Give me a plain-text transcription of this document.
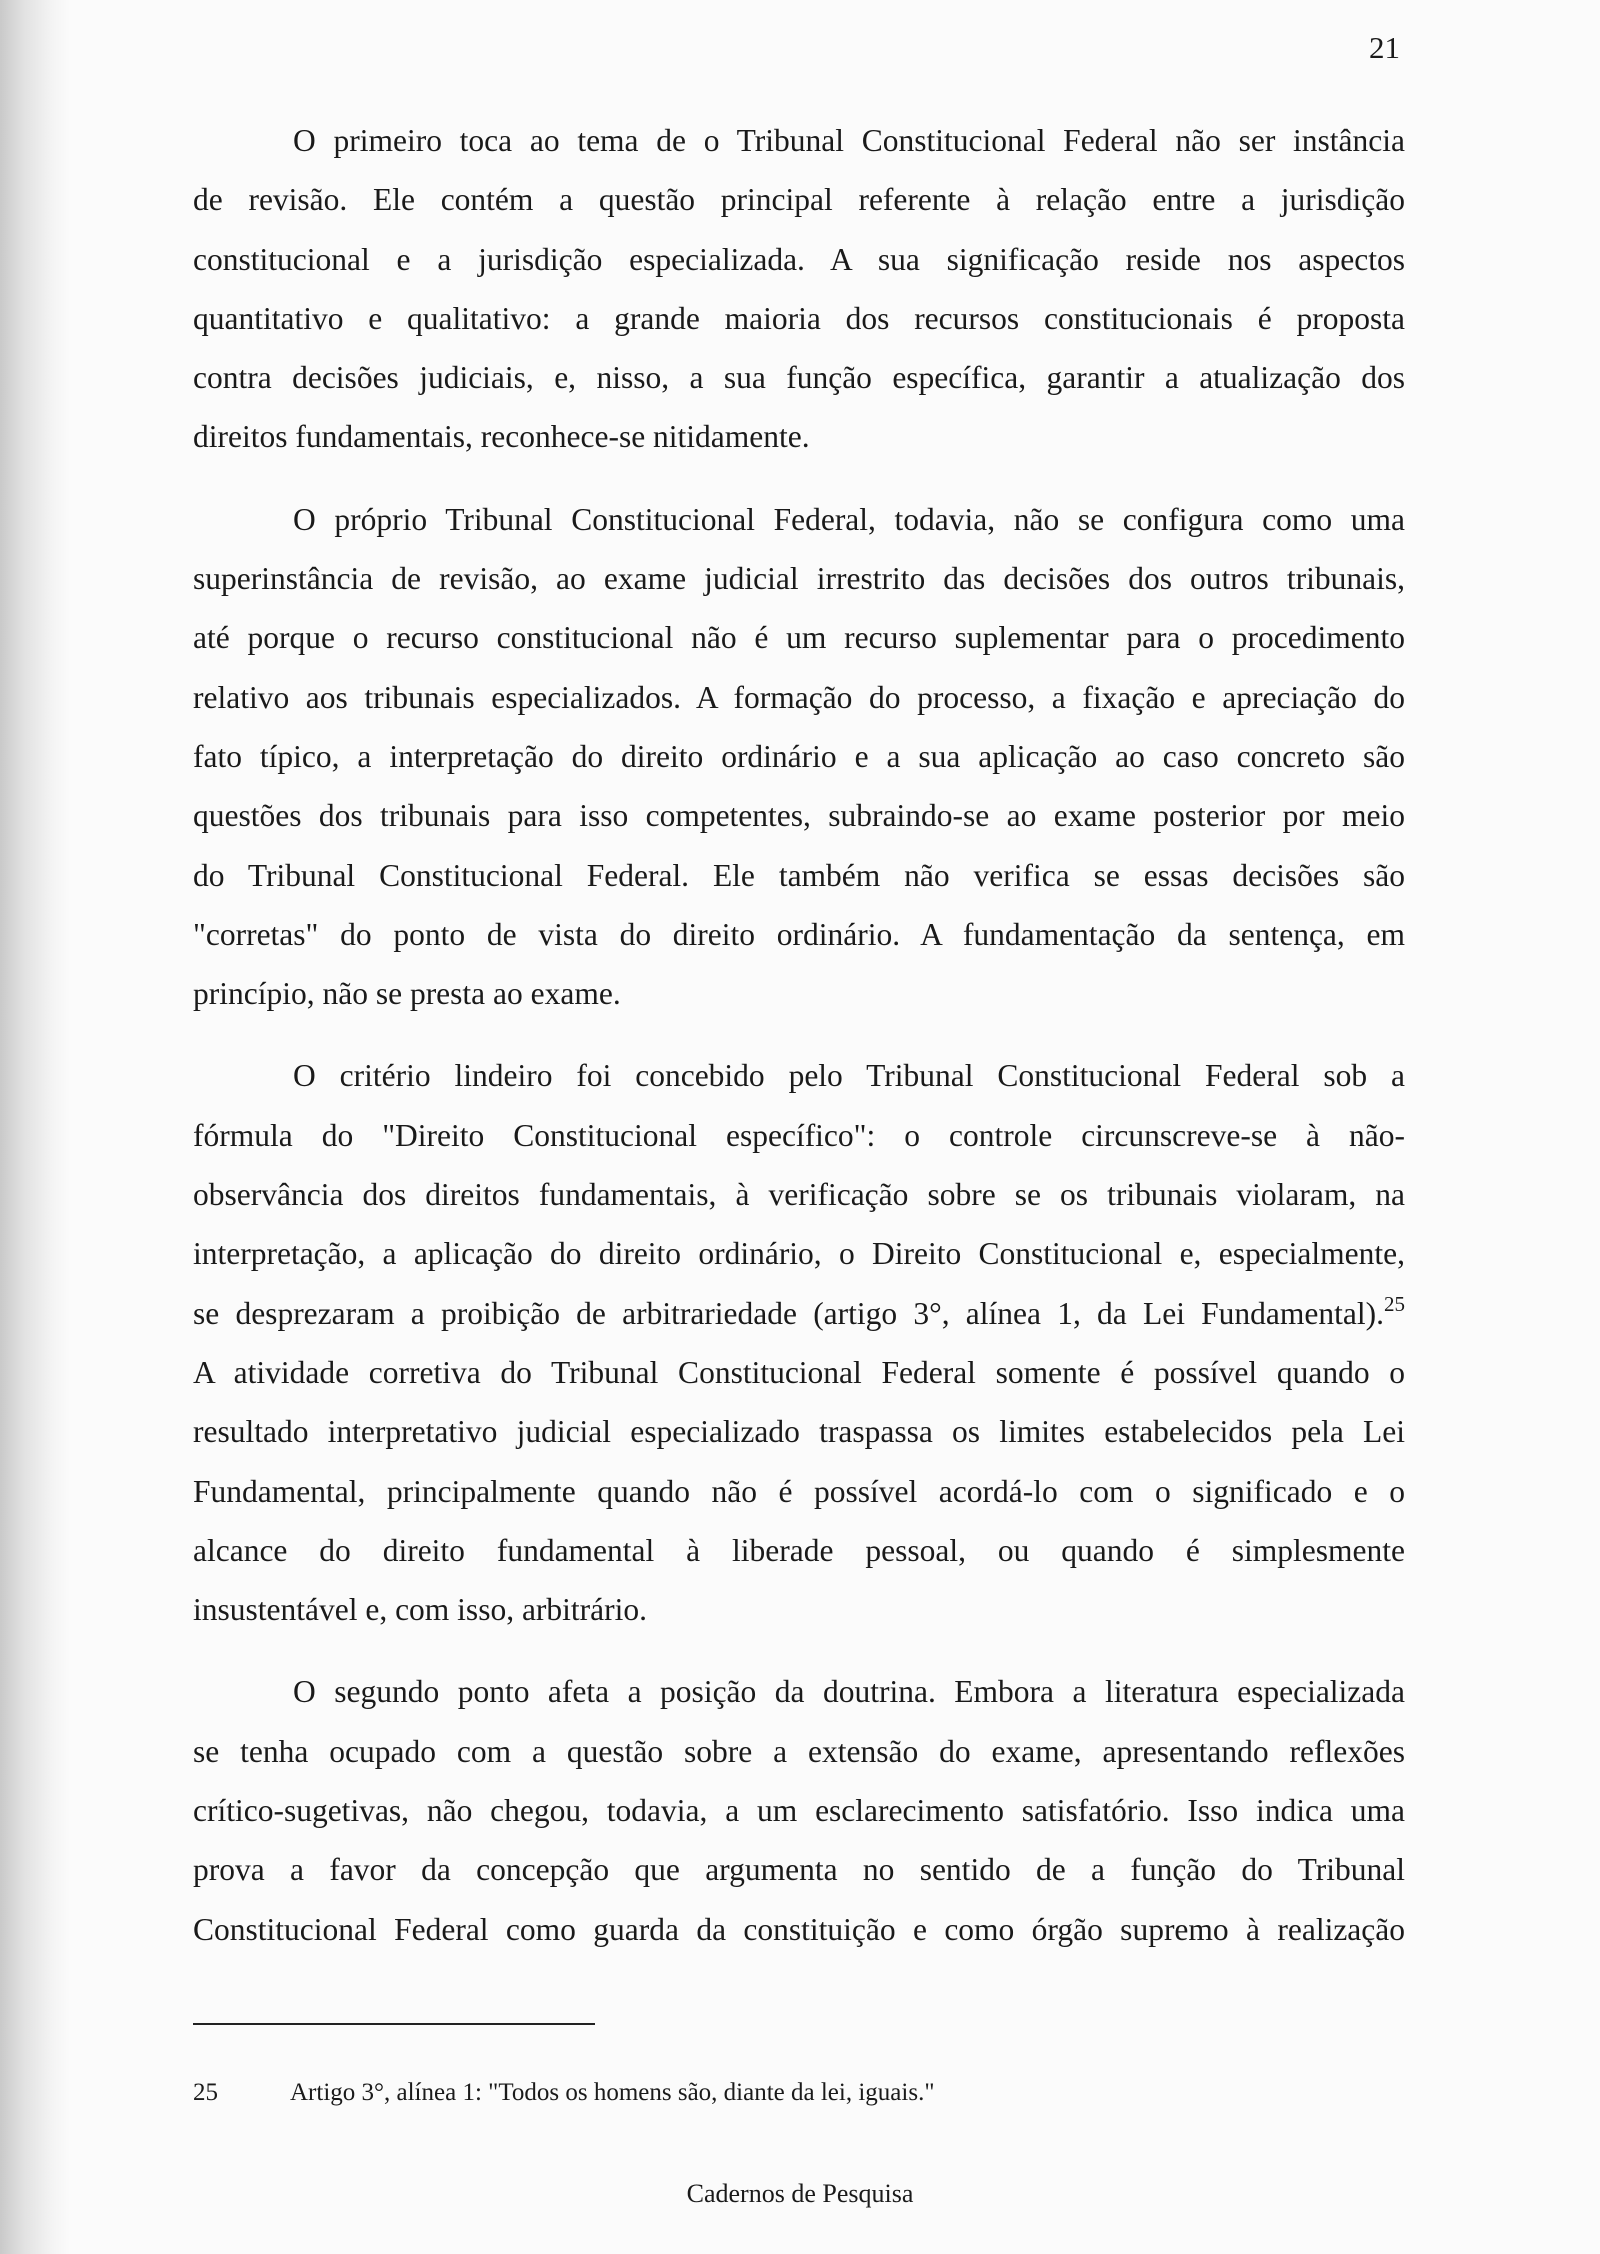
21

O primeiro toca ao tema de o Tribunal Constitucional Federal não ser instância
de revisão. Ele contém a questão principal referente à relação entre a jurisdição
constitucional e a jurisdição especializada. A sua significação reside nos aspectos
quantitativo e qualitativo: a grande maioria dos recursos constitucionais é proposta
contra decisões judiciais, e, nisso, a sua função específica, garantir a atualização dos
direitos fundamentais, reconhece-se nitidamente.

O próprio Tribunal Constitucional Federal, todavia, não se configura como uma
superinstância de revisão, ao exame judicial irrestrito das decisões dos outros tribunais,
até porque o recurso constitucional não é um recurso suplementar para o procedimento
relativo aos tribunais especializados. A formação do processo, a fixação e apreciação do
fato típico, a interpretação do direito ordinário e a sua aplicação ao caso concreto são
questões dos tribunais para isso competentes, subraindo-se ao exame posterior por meio
do Tribunal Constitucional Federal. Ele também não verifica se essas decisões são
"corretas" do ponto de vista do direito ordinário. A fundamentação da sentença, em
princípio, não se presta ao exame.

O critério lindeiro foi concebido pelo Tribunal Constitucional Federal sob a
fórmula do "Direito Constitucional específico": o controle circunscreve-se à não-
observância dos direitos fundamentais, à verificação sobre se os tribunais violaram, na
interpretação, a aplicação do direito ordinário, o Direito Constitucional e, especialmente,
se desprezaram a proibição de arbitrariedade (artigo 3°, alínea 1, da Lei Fundamental).$^{25}$
A atividade corretiva do Tribunal Constitucional Federal somente é possível quando o
resultado interpretativo judicial especializado traspassa os limites estabelecidos pela Lei
Fundamental, principalmente quando não é possível acordá-lo com o significado e o
alcance do direito fundamental à liberade pessoal, ou quando é simplesmente
insustentável e, com isso, arbitrário.

O segundo ponto afeta a posição da doutrina. Embora a literatura especializada
se tenha ocupado com a questão sobre a extensão do exame, apresentando reflexões
crítico-sugetivas, não chegou, todavia, a um esclarecimento satisfatório. Isso indica uma
prova a favor da concepção que argumenta no sentido de a função do Tribunal
Constitucional Federal como guarda da constituição e como órgão supremo à realização

25	Artigo 3°, alínea 1: "Todos os homens são, diante da lei, iguais."
Cadernos de Pesquisa
